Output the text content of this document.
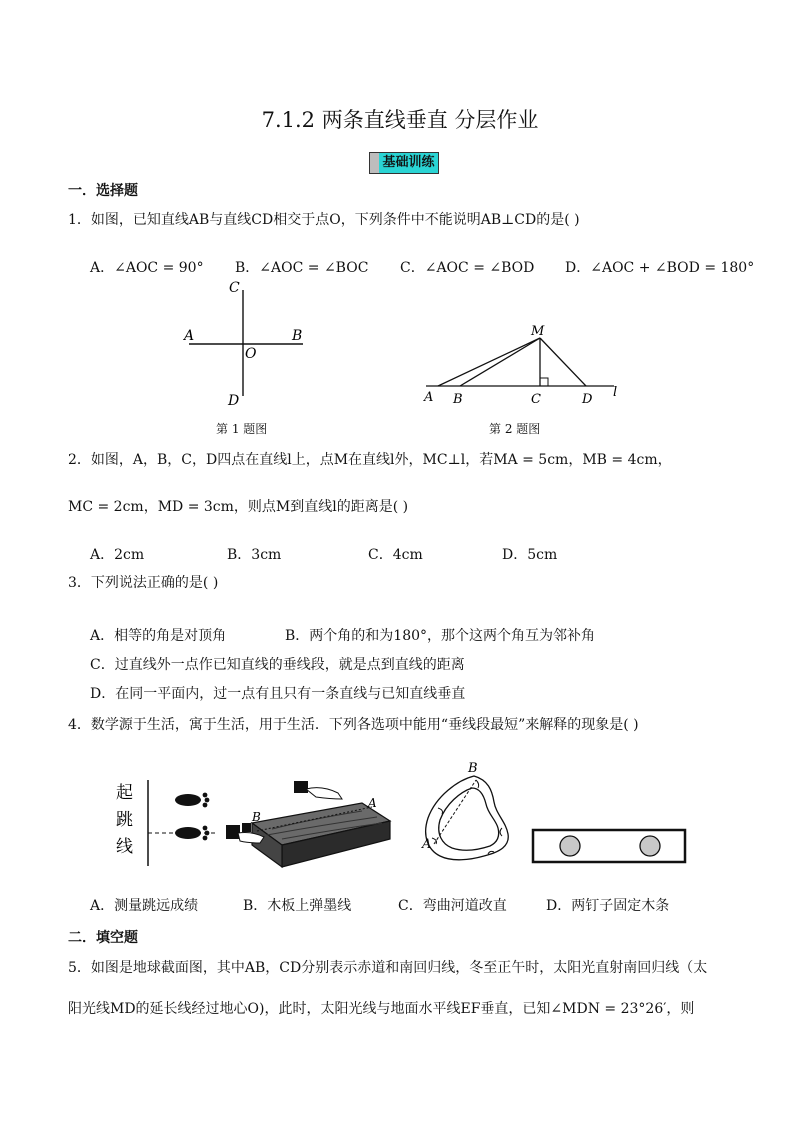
7.1.2 两条直线垂直 分层作业
基础训练
一．选择题
1．如图，已知直线AB与直线CD相交于点O，下列条件中不能说明AB⊥CD的是( )
A．∠AOC = 90° B．∠AOC = ∠BOC C．∠AOC = ∠BOD D．∠AOC + ∠BOD = 180°
C
A	B
O
D
第 1 题图
M
A B	C	D l
第 2 题图
2．如图，A，B，C，D四点在直线l上，点M在直线l外，MC⊥l，若MA = 5cm，MB = 4cm，
MC = 2cm，MD = 3cm，则点M到直线l的距离是( )
A．2cm	B．3cm	C．4cm	D．5cm
3．下列说法正确的是( )
A．相等的角是对顶角	B．两个角的和为180°，那个这两个角互为邻补角
C．过直线外一点作已知直线的垂线段，就是点到直线的距离
D．在同一平面内，过一点有且只有一条直线与已知直线垂直
4．数学源于生活，寓于生活，用于生活．下列各选项中能用“垂线段最短”来解释的现象是( )
起
跳
线
B
A
B
A
A．测量跳远成绩	B．木板上弹墨线	C．弯曲河道改直	D．两钉子固定木条
二．填空题
5．如图是地球截面图，其中AB，CD分别表示赤道和南回归线，冬至正午时，太阳光直射南回归线（太
阳光线MD的延长线经过地心O)，此时，太阳光线与地面水平线EF垂直，已知∠MDN = 23°26′，则
